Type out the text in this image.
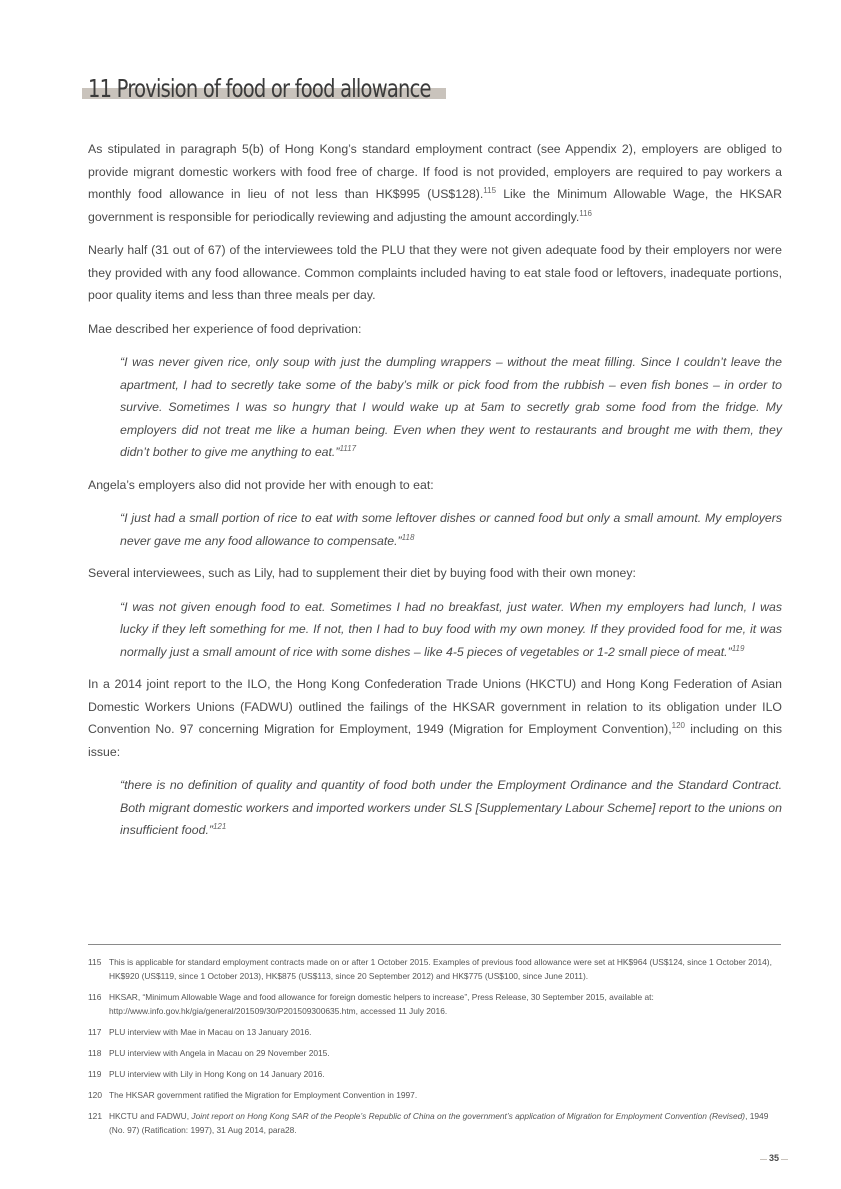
11 Provision of food or food allowance

As stipulated in paragraph 5(b) of Hong Kong’s standard employment contract (see Appendix 2), employers are obliged to provide migrant domestic workers with food free of charge. If food is not provided, employers are required to pay workers a monthly food allowance in lieu of not less than HK$995 (US$128).$^{115}$ Like the Minimum Allowable Wage, the HKSAR government is responsible for periodically reviewing and adjusting the amount accordingly.$^{116}$

Nearly half (31 out of 67) of the interviewees told the PLU that they were not given adequate food by their employers nor were they provided with any food allowance. Common complaints included having to eat stale food or leftovers, inadequate portions, poor quality items and less than three meals per day.

Mae described her experience of food deprivation:

“I was never given rice, only soup with just the dumpling wrappers – without the meat filling. Since I couldn’t leave the apartment, I had to secretly take some of the baby’s milk or pick food from the rubbish – even fish bones – in order to survive. Sometimes I was so hungry that I would wake up at 5am to secretly grab some food from the fridge. My employers did not treat me like a human being. Even when they went to restaurants and brought me with them, they didn’t bother to give me anything to eat.”$^{1117}$

Angela’s employers also did not provide her with enough to eat:

“I just had a small portion of rice to eat with some leftover dishes or canned food but only a small amount. My employers never gave me any food allowance to compensate.”$^{118}$

Several interviewees, such as Lily, had to supplement their diet by buying food with their own money:

“I was not given enough food to eat. Sometimes I had no breakfast, just water. When my employers had lunch, I was lucky if they left something for me. If not, then I had to buy food with my own money. If they provided food for me, it was normally just a small amount of rice with some dishes – like 4-5 pieces of vegetables or 1-2 small piece of meat.”$^{119}$

In a 2014 joint report to the ILO, the Hong Kong Confederation Trade Unions (HKCTU) and Hong Kong Federation of Asian Domestic Workers Unions (FADWU) outlined the failings of the HKSAR government in relation to its obligation under ILO Convention No. 97 concerning Migration for Employment, 1949 (Migration for Employment Convention),$^{120}$ including on this issue:

“there is no definition of quality and quantity of food both under the Employment Ordinance and the Standard Contract. Both migrant domestic workers and imported workers under SLS [Supplementary Labour Scheme] report to the unions on insufficient food.”$^{121}$

115 This is applicable for standard employment contracts made on or after 1 October 2015. Examples of previous food allowance were set at HK$964 (US$124, since 1 October 2014), HK$920 (US$119, since 1 October 2013), HK$875 (US$113, since 20 September 2012) and HK$775 (US$100, since June 2011).
116 HKSAR, “Minimum Allowable Wage and food allowance for foreign domestic helpers to increase”, Press Release, 30 September 2015, available at: http://www.info.gov.hk/gia/general/201509/30/P201509300635.htm, accessed 11 July 2016.
117 PLU interview with Mae in Macau on 13 January 2016.
118 PLU interview with Angela in Macau on 29 November 2015.
119 PLU interview with Lily in Hong Kong on 14 January 2016.
120 The HKSAR government ratified the Migration for Employment Convention in 1997.
121 HKCTU and FADWU, Joint report on Hong Kong SAR of the People’s Republic of China on the government’s application of Migration for Employment Convention (Revised), 1949 (No. 97) (Ratification: 1997), 31 Aug 2014, para28.
35
